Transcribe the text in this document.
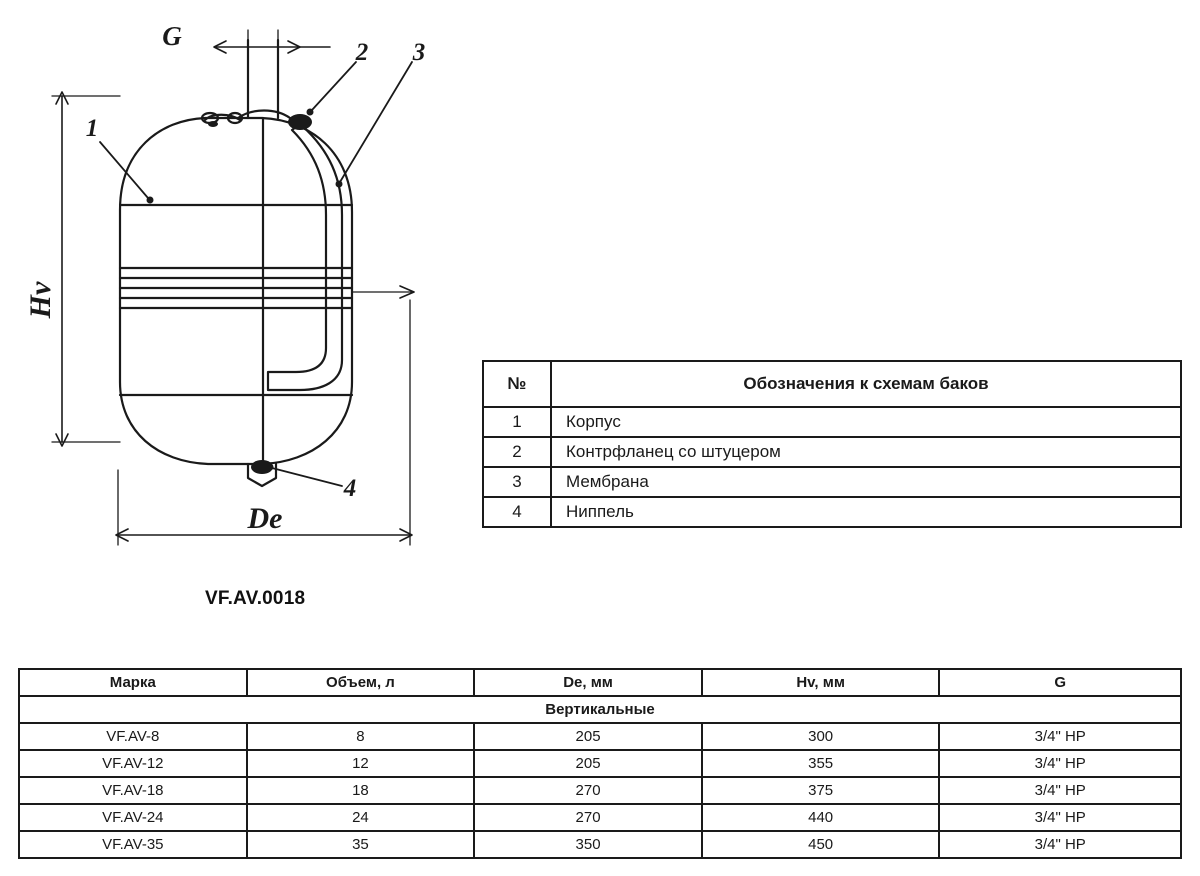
Hv
De
G
1
2 3
4
VF.AV.0018
№	Обозначения к схемам баков
1	Корпус
2	Контрфланец со штуцером
3	Мембрана
4	Ниппель
Марка	Объем, л	De, мм	Hv, мм	G
Вертикальные				
VF.AV-8	8	205	300	3/4" НР
VF.AV-12	12	205	355	3/4" НР
VF.AV-18	18	270	375	3/4" НР
VF.AV-24	24	270	440	3/4" НР
VF.AV-35	35	350	450	3/4" НР
